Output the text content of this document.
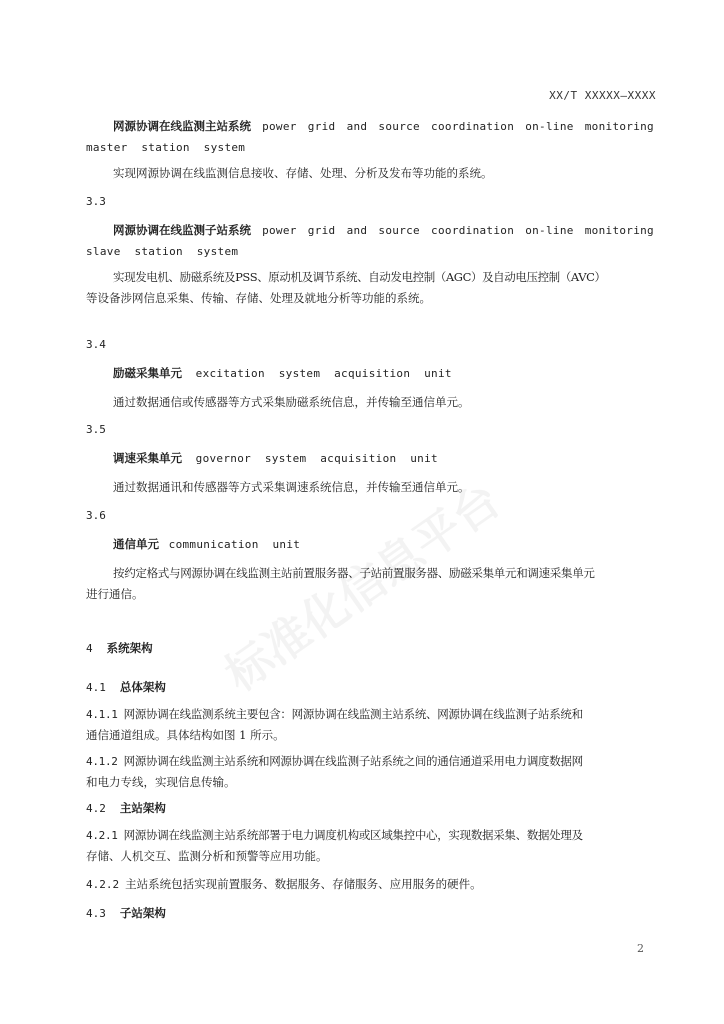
XX/T XXXXX—XXXX
网源协调在线监测主站系统 power grid and source coordination on-line monitoring
master  station  system
实现网源协调在线监测信息接收、存储、处理、分析及发布等功能的系统。
3.3
网源协调在线监测子站系统 power grid and source coordination on-line monitoring
slave  station  system
实现发电机、励磁系统及PSS、原动机及调节系统、自动发电控制（AGC）及自动电压控制（AVC）
等设备涉网信息采集、传输、存储、处理及就地分析等功能的系统。
3.4
励磁采集单元 excitation  system  acquisition  unit
通过数据通信或传感器等方式采集励磁系统信息，并传输至通信单元。
3.5
调速采集单元 governor  system  acquisition  unit
通过数据通讯和传感器等方式采集调速系统信息，并传输至通信单元。
3.6
通信单元 communication  unit
按约定格式与网源协调在线监测主站前置服务器、子站前置服务器、励磁采集单元和调速采集单元
进行通信。
4 系统架构
4.1 总体架构
4.1.1 网源协调在线监测系统主要包含：网源协调在线监测主站系统、网源协调在线监测子站系统和
通信通道组成。具体结构如图 1 所示。
4.1.2 网源协调在线监测主站系统和网源协调在线监测子站系统之间的通信通道采用电力调度数据网
和电力专线，实现信息传输。
4.2 主站架构
4.2.1 网源协调在线监测主站系统部署于电力调度机构或区域集控中心，实现数据采集、数据处理及
存储、人机交互、监测分析和预警等应用功能。
4.2.2 主站系统包括实现前置服务、数据服务、存储服务、应用服务的硬件。
4.3 子站架构
2
